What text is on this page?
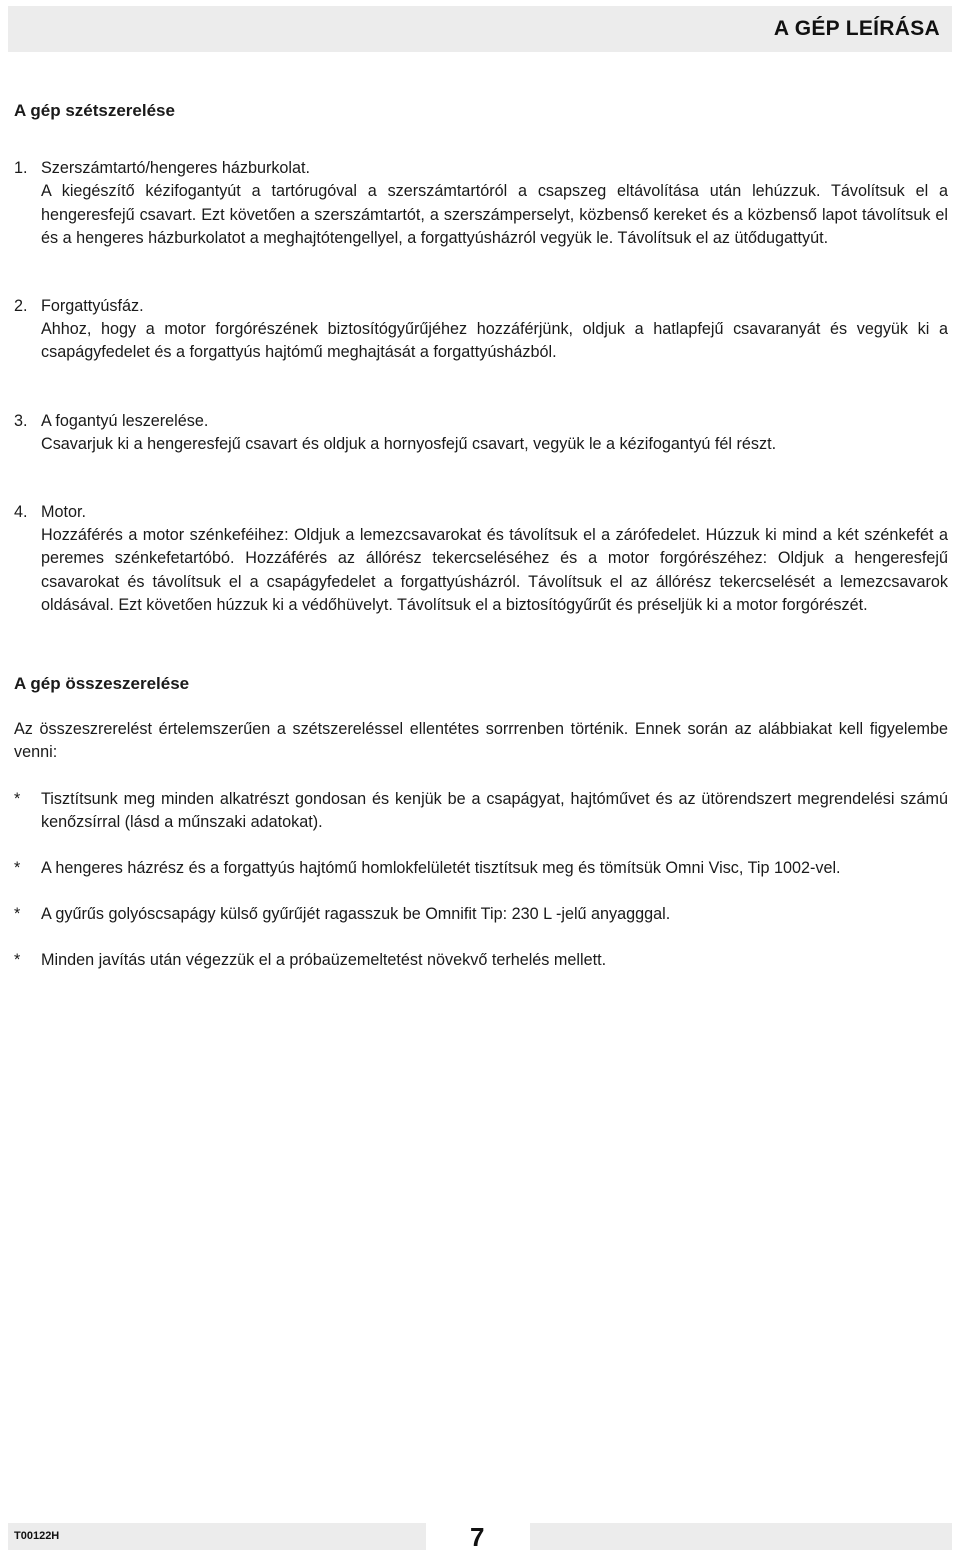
A GÉP LEÍRÁSA
A gép szétszerelése
1. Szerszámtartó/hengeres házburkolat.
A kiegészítő kézifogantyút a tartórugóval a szerszámtartóról a csapszeg eltávolítása után lehúzzuk. Távolítsuk el a hengeresfejű csavart. Ezt követően a szerszámtartót, a szerszámperselyt, közbenső kereket és a közbenső lapot távolítsuk el és a hengeres házburkolatot a meghajtótengellyel, a forgattyúsházról vegyük le. Távolítsuk el az ütődugattyút.
2. Forgattyúsfáz.
Ahhoz, hogy a motor forgórészének biztosítógyűrűjéhez hozzáférjünk, oldjuk a hatlapfejű csavaranyát és vegyük ki a csapágyfedelet és a forgattyús hajtómű meghajtását a forgattyúsházból.
3. A fogantyú leszerelése.
Csavarjuk ki a hengeresfejű csavart és oldjuk a hornyosfejű csavart, vegyük le a kézifogantyú fél részt.
4. Motor.
Hozzáférés a motor szénkeféihez: Oldjuk a lemezcsavarokat és távolítsuk el a zárófedelet. Húzzuk ki mind a két szénkefét a peremes szénkefetartóbó. Hozzáférés az állórész tekercseléséhez és a motor forgórészéhez: Oldjuk a hengeresfejű csavarokat és távolítsuk el a csapágyfedelet a forgattyúsházról. Távolítsuk el az állórész tekercselését a lemezcsavarok oldásával. Ezt követően húzzuk ki a védőhüvelyt. Távolítsuk el a biztosítógyűrűt és préseljük ki a motor forgórészét.
A gép összeszerelése
Az összeszrerelést értelemszerűen a szétszereléssel ellentétes sorrrenben történik. Ennek során az alábbiakat kell figyelembe venni:
*	Tisztítsunk meg minden alkatrészt gondosan és kenjük be a csapágyat, hajtóművet és az ütörendszert megrendelési számú kenőzsírral (lásd a műnszaki adatokat).
*	A hengeres házrész és a forgattyús hajtómű homlokfelületét tisztítsuk meg és tömítsük Omni Visc, Tip 1002-vel.
*	A gyűrűs golyóscsapágy külső gyűrűjét ragasszuk be Omnifit Tip: 230 L -jelű anyagggal.
*	Minden javítás után végezzük el a próbaüzemeltetést növekvő terhelés mellett.
T00122H	7
